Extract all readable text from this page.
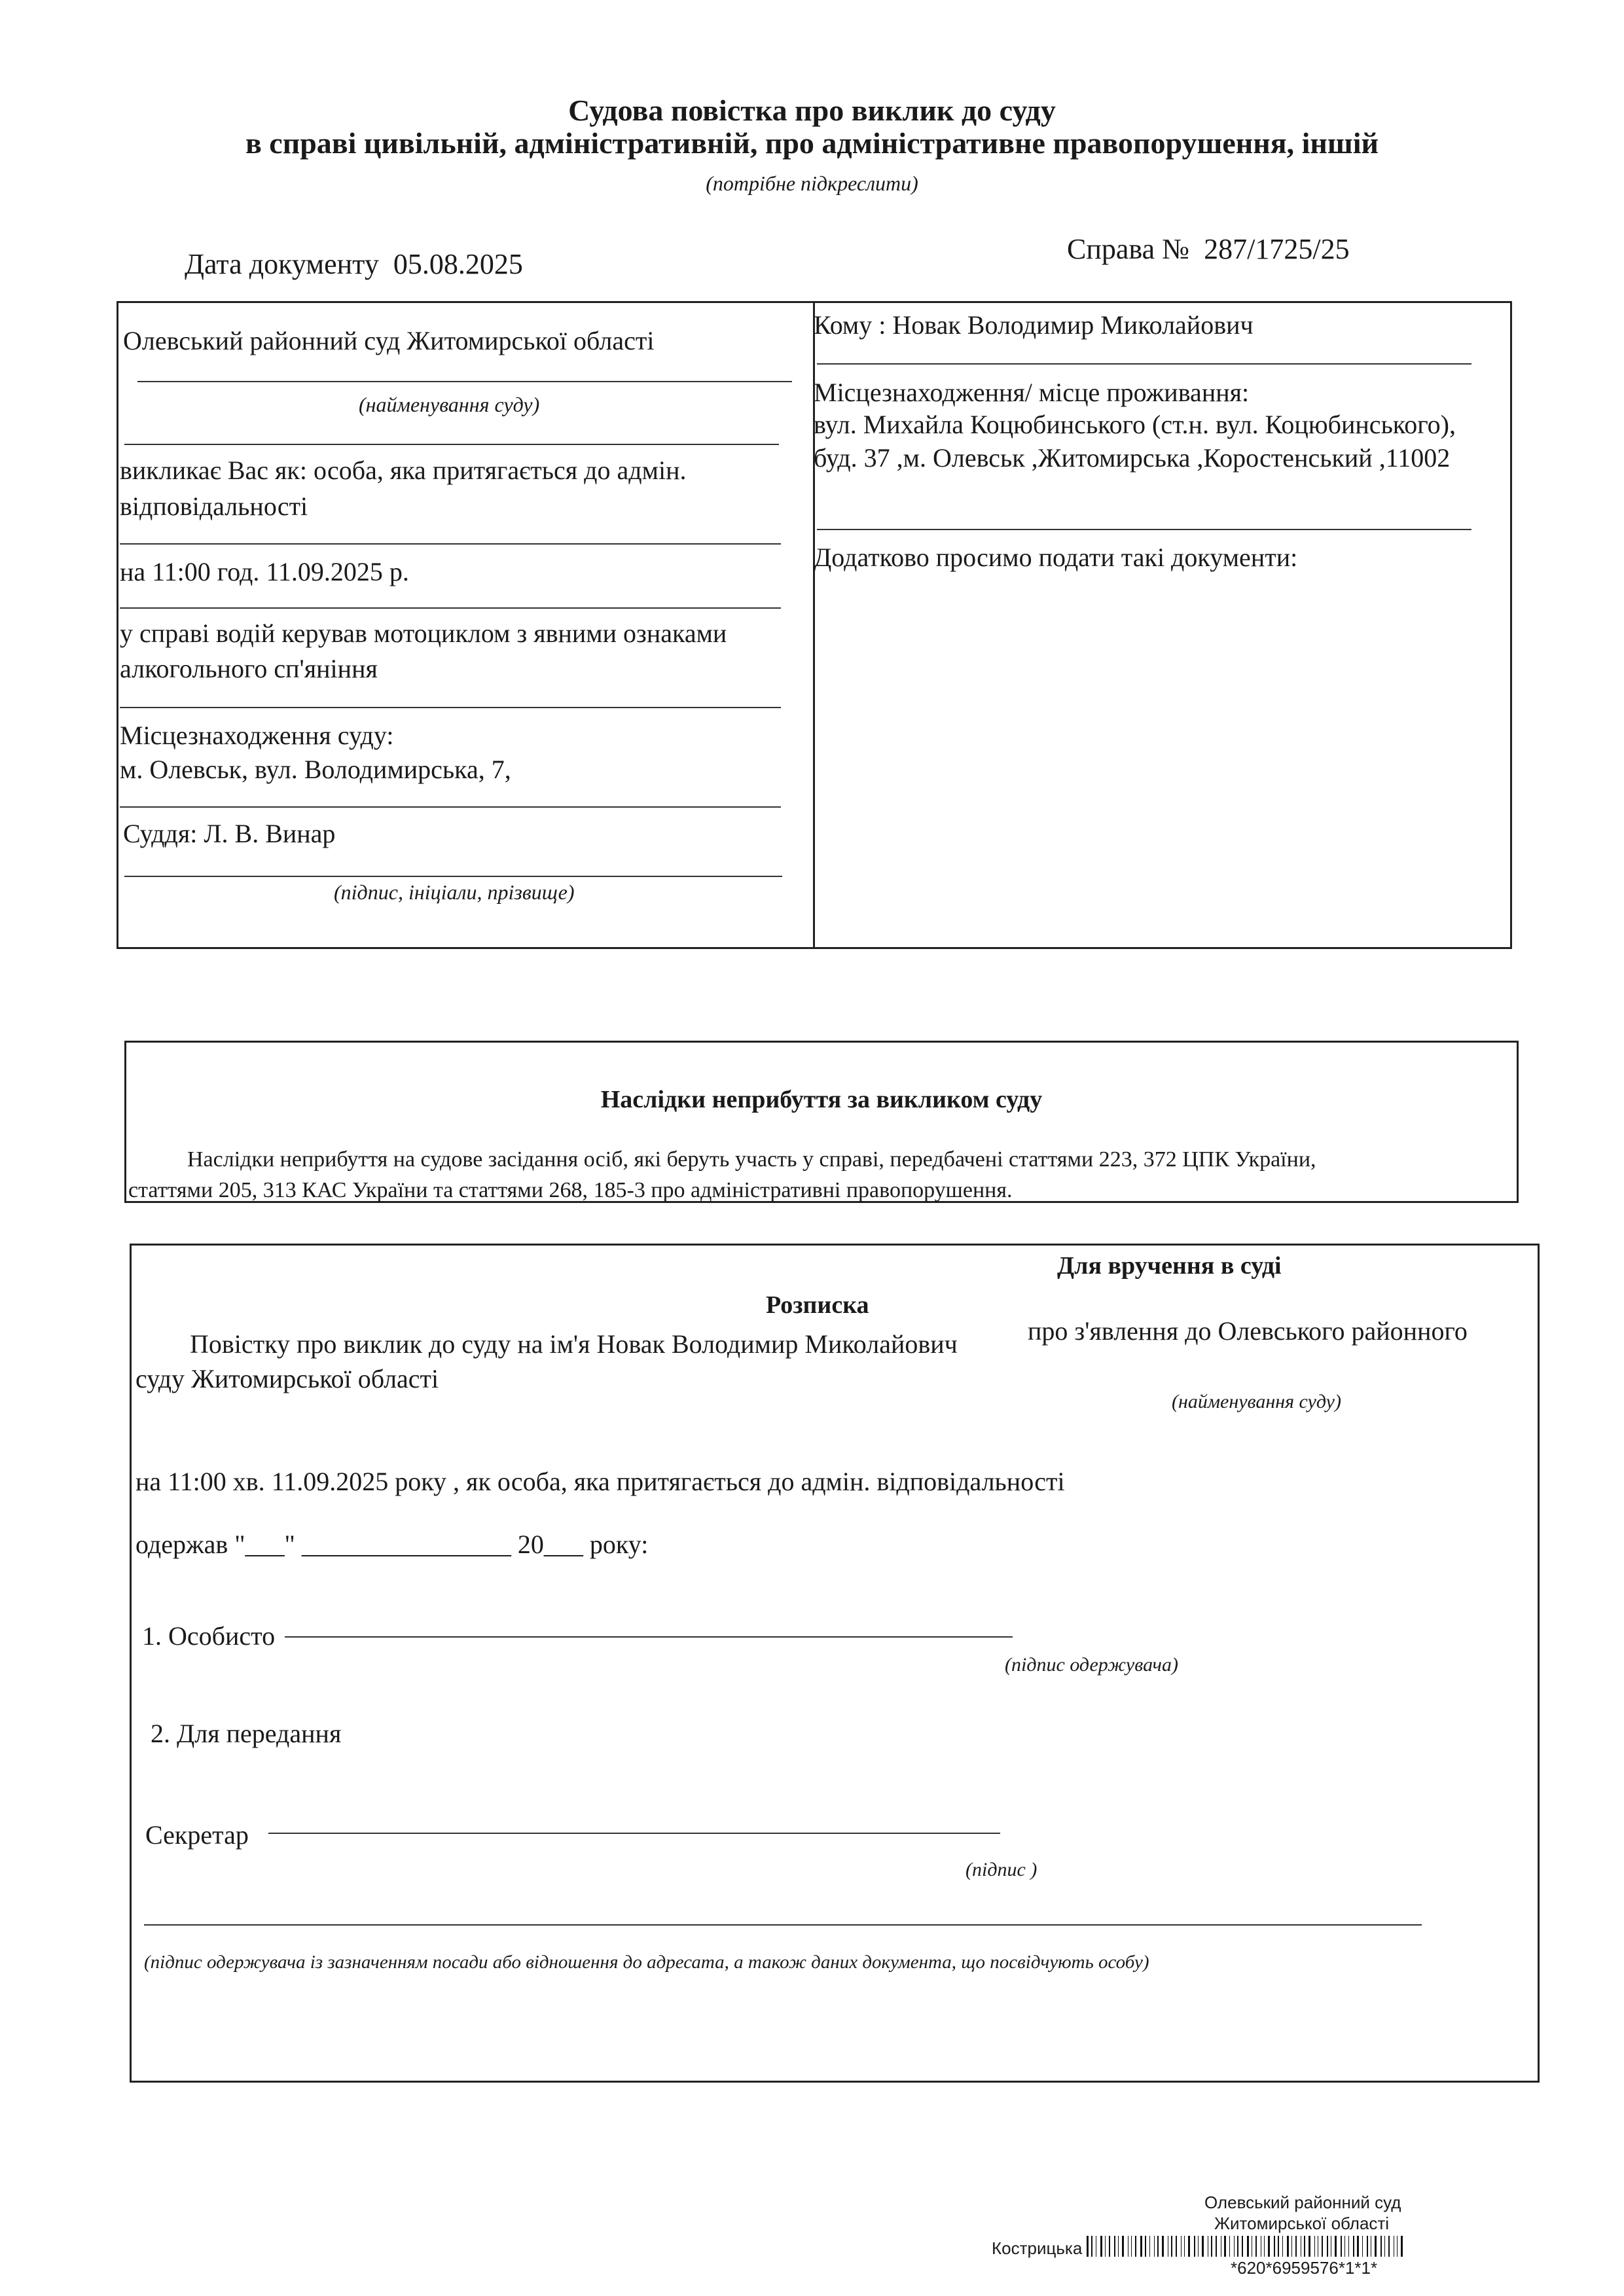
Судова повістка про виклик до суду
в справі цивільній, адміністративній, про адміністративне правопорушення, іншій
(потрібне підкреслити)
Дата документу 05.08.2025	Справа № 287/1725/25
Олевський районний суд Житомирської області
(найменування суду)
викликає Вас як: особа, яка притягається до адмін.
відповідальності
на 11:00 год. 11.09.2025 р.
у справі водій керував мотоциклом з явними ознаками
алкогольного сп'яніння
Місцезнаходження суду:
м. Олевськ, вул. Володимирська, 7,
Суддя: Л. В. Винар
(підпис, ініціали, прізвище)
Кому : Новак Володимир Миколайович
Місцезнаходження/ місце проживання:
вул. Михайла Коцюбинського (ст.н. вул. Коцюбинського),
буд. 37 ,м. Олевськ ,Житомирська ,Коростенський ,11002
Додатково просимо подати такі документи:
Наслідки неприбуття за викликом суду
Наслідки неприбуття на судове засідання осіб, які беруть участь у справі, передбачені статтями 223, 372 ЦПК України,
статтями 205, 313 КАС України та статтями 268, 185-3 про адміністративні правопорушення.
Для вручення в суді
Розписка
Повістку про виклик до суду на ім'я Новак Володимир Миколайович	про з'явлення до Олевського районного
суду Житомирської області
(найменування суду)
на 11:00 хв. 11.09.2025 року , як особа, яка притягається до адмін. відповідальності
одержав "___" ________________ 20___ року:
1. Особисто
(підпис одержувача)
2. Для передання
Секретар
(підпис )
(підпис одержувача із зазначенням посади або відношення до адресата, а також даних документа, що посвідчують особу)
Олевський районний суд
Житомирської області
Кострицька
*620*6959576*1*1*
